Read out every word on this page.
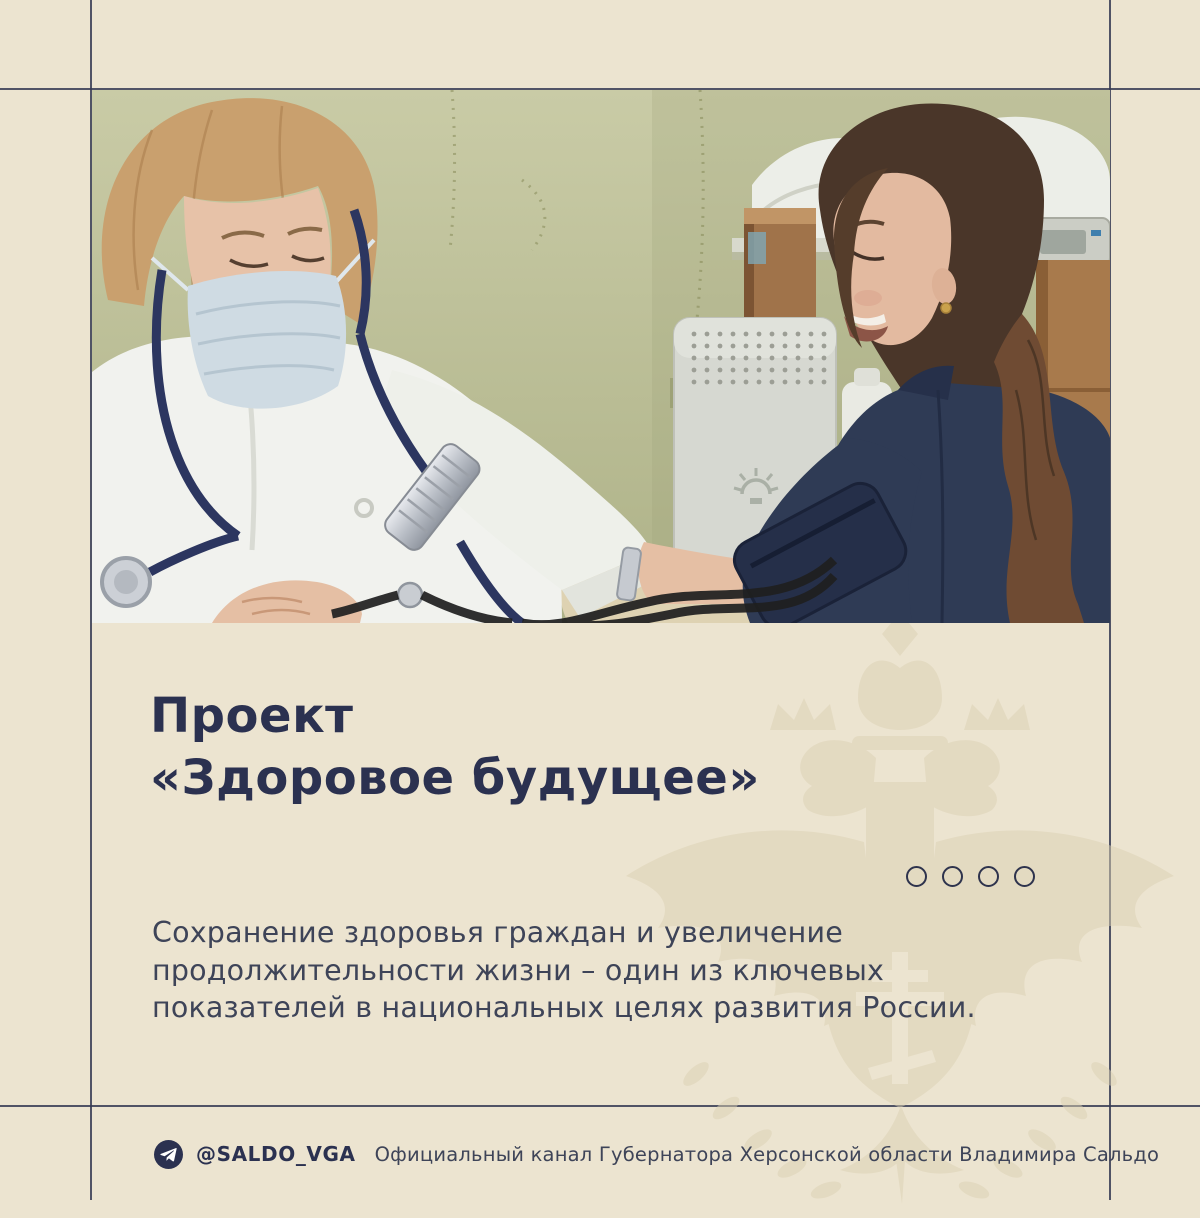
Проект
«Здоровое будущее»

Сохранение здоровья граждан и увеличение
продолжительности жизни – один из ключевых
показателей в национальных целях развития России.

@SALDO_VGA Официальный канал Губернатора Херсонской области Владимира Сальдо
